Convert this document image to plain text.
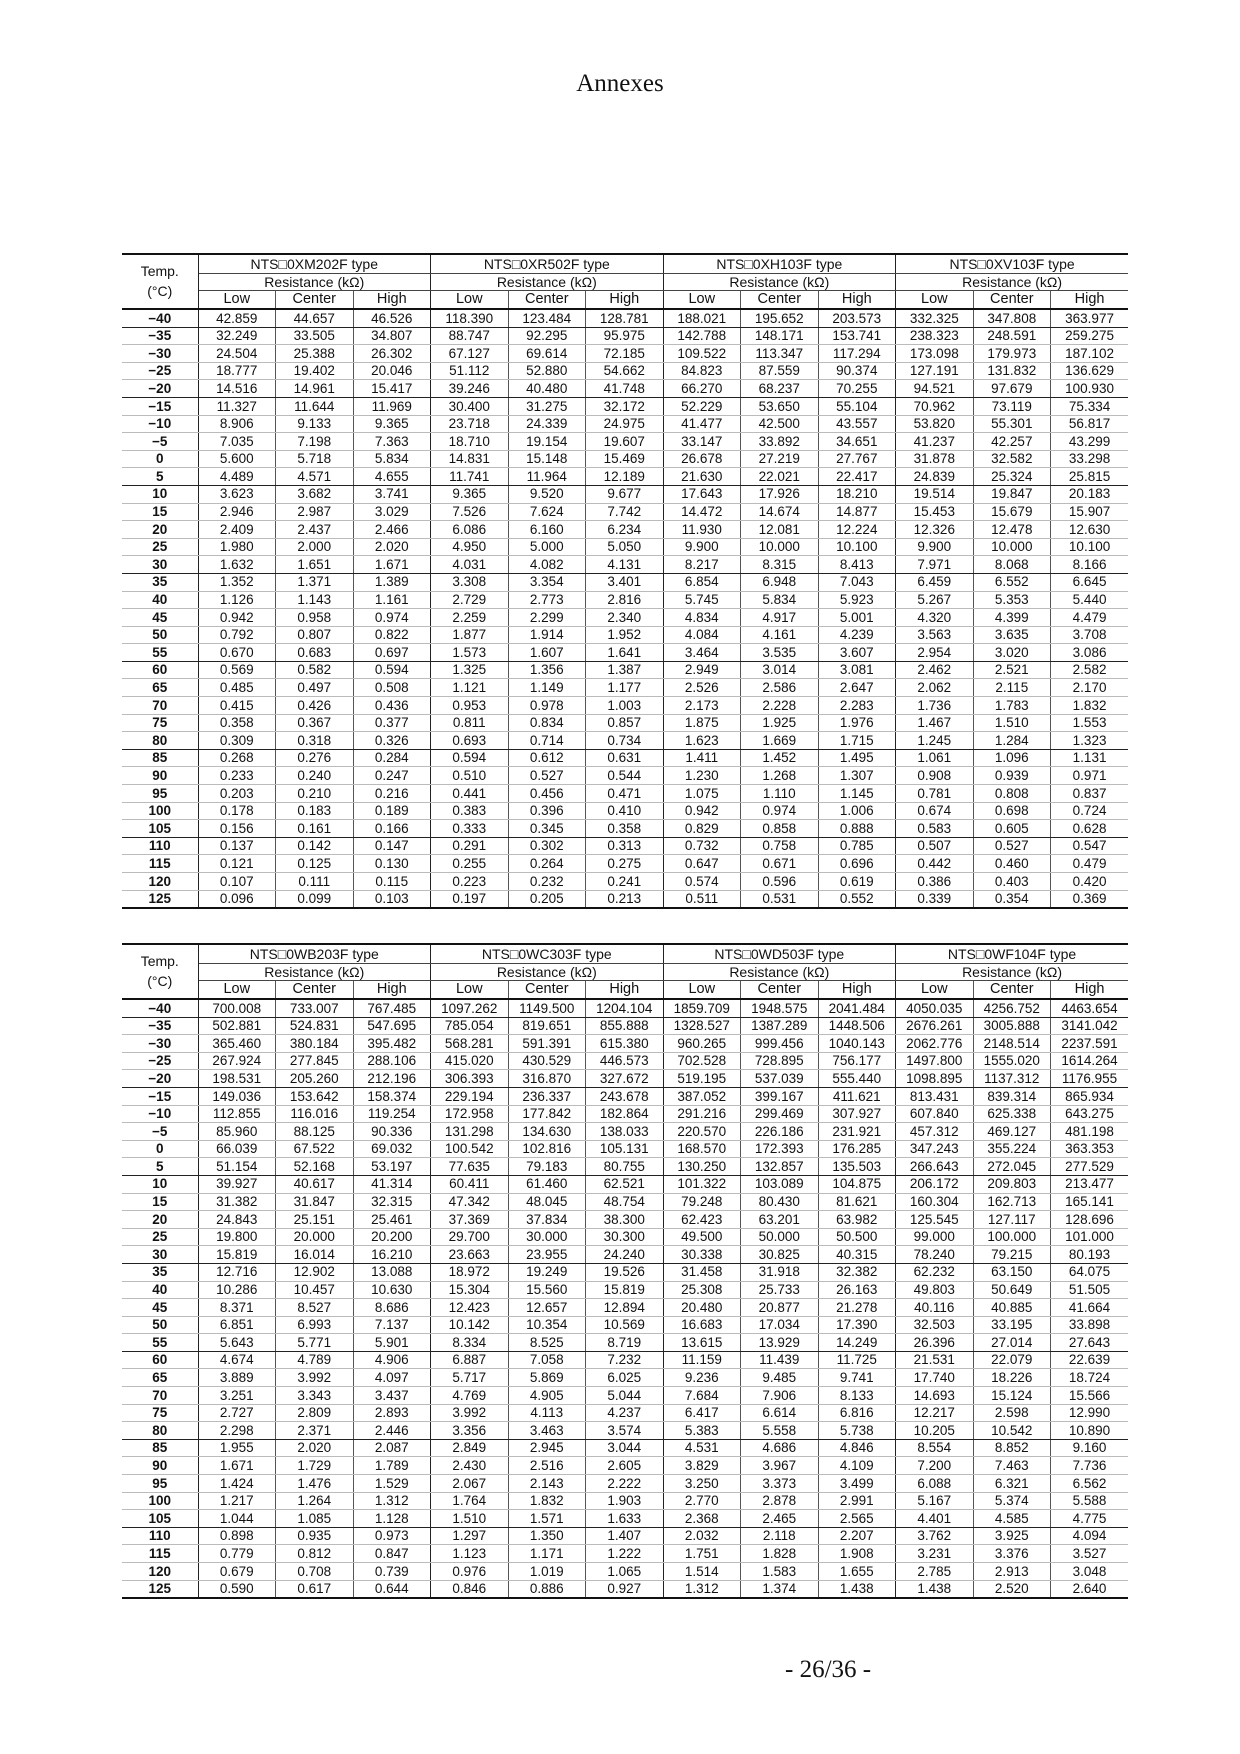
Annexes
Temp.
(°C)	NTS□0XM202F type			NTS□0XR502F type			NTS□0XH103F type			NTS□0XV103F type		
	Resistance (kΩ)			Resistance (kΩ)			Resistance (kΩ)			Resistance (kΩ)		
	Low	Center	High	Low	Center	High	Low	Center	High	Low	Center	High
−40	42.859	44.657	46.526	118.390	123.484	128.781	188.021	195.652	203.573	332.325	347.808	363.977
−35	32.249	33.505	34.807	88.747	92.295	95.975	142.788	148.171	153.741	238.323	248.591	259.275
−30	24.504	25.388	26.302	67.127	69.614	72.185	109.522	113.347	117.294	173.098	179.973	187.102
−25	18.777	19.402	20.046	51.112	52.880	54.662	84.823	87.559	90.374	127.191	131.832	136.629
−20	14.516	14.961	15.417	39.246	40.480	41.748	66.270	68.237	70.255	94.521	97.679	100.930
−15	11.327	11.644	11.969	30.400	31.275	32.172	52.229	53.650	55.104	70.962	73.119	75.334
−10	8.906	9.133	9.365	23.718	24.339	24.975	41.477	42.500	43.557	53.820	55.301	56.817
−5	7.035	7.198	7.363	18.710	19.154	19.607	33.147	33.892	34.651	41.237	42.257	43.299
0	5.600	5.718	5.834	14.831	15.148	15.469	26.678	27.219	27.767	31.878	32.582	33.298
5	4.489	4.571	4.655	11.741	11.964	12.189	21.630	22.021	22.417	24.839	25.324	25.815
10	3.623	3.682	3.741	9.365	9.520	9.677	17.643	17.926	18.210	19.514	19.847	20.183
15	2.946	2.987	3.029	7.526	7.624	7.742	14.472	14.674	14.877	15.453	15.679	15.907
20	2.409	2.437	2.466	6.086	6.160	6.234	11.930	12.081	12.224	12.326	12.478	12.630
25	1.980	2.000	2.020	4.950	5.000	5.050	9.900	10.000	10.100	9.900	10.000	10.100
30	1.632	1.651	1.671	4.031	4.082	4.131	8.217	8.315	8.413	7.971	8.068	8.166
35	1.352	1.371	1.389	3.308	3.354	3.401	6.854	6.948	7.043	6.459	6.552	6.645
40	1.126	1.143	1.161	2.729	2.773	2.816	5.745	5.834	5.923	5.267	5.353	5.440
45	0.942	0.958	0.974	2.259	2.299	2.340	4.834	4.917	5.001	4.320	4.399	4.479
50	0.792	0.807	0.822	1.877	1.914	1.952	4.084	4.161	4.239	3.563	3.635	3.708
55	0.670	0.683	0.697	1.573	1.607	1.641	3.464	3.535	3.607	2.954	3.020	3.086
60	0.569	0.582	0.594	1.325	1.356	1.387	2.949	3.014	3.081	2.462	2.521	2.582
65	0.485	0.497	0.508	1.121	1.149	1.177	2.526	2.586	2.647	2.062	2.115	2.170
70	0.415	0.426	0.436	0.953	0.978	1.003	2.173	2.228	2.283	1.736	1.783	1.832
75	0.358	0.367	0.377	0.811	0.834	0.857	1.875	1.925	1.976	1.467	1.510	1.553
80	0.309	0.318	0.326	0.693	0.714	0.734	1.623	1.669	1.715	1.245	1.284	1.323
85	0.268	0.276	0.284	0.594	0.612	0.631	1.411	1.452	1.495	1.061	1.096	1.131
90	0.233	0.240	0.247	0.510	0.527	0.544	1.230	1.268	1.307	0.908	0.939	0.971
95	0.203	0.210	0.216	0.441	0.456	0.471	1.075	1.110	1.145	0.781	0.808	0.837
100	0.178	0.183	0.189	0.383	0.396	0.410	0.942	0.974	1.006	0.674	0.698	0.724
105	0.156	0.161	0.166	0.333	0.345	0.358	0.829	0.858	0.888	0.583	0.605	0.628
110	0.137	0.142	0.147	0.291	0.302	0.313	0.732	0.758	0.785	0.507	0.527	0.547
115	0.121	0.125	0.130	0.255	0.264	0.275	0.647	0.671	0.696	0.442	0.460	0.479
120	0.107	0.111	0.115	0.223	0.232	0.241	0.574	0.596	0.619	0.386	0.403	0.420
125	0.096	0.099	0.103	0.197	0.205	0.213	0.511	0.531	0.552	0.339	0.354	0.369
Temp.
(°C)	NTS□0WB203F type			NTS□0WC303F type			NTS□0WD503F type			NTS□0WF104F type		
	Resistance (kΩ)			Resistance (kΩ)			Resistance (kΩ)			Resistance (kΩ)		
	Low	Center	High	Low	Center	High	Low	Center	High	Low	Center	High
−40	700.008	733.007	767.485	1097.262	1149.500	1204.104	1859.709	1948.575	2041.484	4050.035	4256.752	4463.654
−35	502.881	524.831	547.695	785.054	819.651	855.888	1328.527	1387.289	1448.506	2676.261	3005.888	3141.042
−30	365.460	380.184	395.482	568.281	591.391	615.380	960.265	999.456	1040.143	2062.776	2148.514	2237.591
−25	267.924	277.845	288.106	415.020	430.529	446.573	702.528	728.895	756.177	1497.800	1555.020	1614.264
−20	198.531	205.260	212.196	306.393	316.870	327.672	519.195	537.039	555.440	1098.895	1137.312	1176.955
−15	149.036	153.642	158.374	229.194	236.337	243.678	387.052	399.167	411.621	813.431	839.314	865.934
−10	112.855	116.016	119.254	172.958	177.842	182.864	291.216	299.469	307.927	607.840	625.338	643.275
−5	85.960	88.125	90.336	131.298	134.630	138.033	220.570	226.186	231.921	457.312	469.127	481.198
0	66.039	67.522	69.032	100.542	102.816	105.131	168.570	172.393	176.285	347.243	355.224	363.353
5	51.154	52.168	53.197	77.635	79.183	80.755	130.250	132.857	135.503	266.643	272.045	277.529
10	39.927	40.617	41.314	60.411	61.460	62.521	101.322	103.089	104.875	206.172	209.803	213.477
15	31.382	31.847	32.315	47.342	48.045	48.754	79.248	80.430	81.621	160.304	162.713	165.141
20	24.843	25.151	25.461	37.369	37.834	38.300	62.423	63.201	63.982	125.545	127.117	128.696
25	19.800	20.000	20.200	29.700	30.000	30.300	49.500	50.000	50.500	99.000	100.000	101.000
30	15.819	16.014	16.210	23.663	23.955	24.240	30.338	30.825	40.315	78.240	79.215	80.193
35	12.716	12.902	13.088	18.972	19.249	19.526	31.458	31.918	32.382	62.232	63.150	64.075
40	10.286	10.457	10.630	15.304	15.560	15.819	25.308	25.733	26.163	49.803	50.649	51.505
45	8.371	8.527	8.686	12.423	12.657	12.894	20.480	20.877	21.278	40.116	40.885	41.664
50	6.851	6.993	7.137	10.142	10.354	10.569	16.683	17.034	17.390	32.503	33.195	33.898
55	5.643	5.771	5.901	8.334	8.525	8.719	13.615	13.929	14.249	26.396	27.014	27.643
60	4.674	4.789	4.906	6.887	7.058	7.232	11.159	11.439	11.725	21.531	22.079	22.639
65	3.889	3.992	4.097	5.717	5.869	6.025	9.236	9.485	9.741	17.740	18.226	18.724
70	3.251	3.343	3.437	4.769	4.905	5.044	7.684	7.906	8.133	14.693	15.124	15.566
75	2.727	2.809	2.893	3.992	4.113	4.237	6.417	6.614	6.816	12.217	2.598	12.990
80	2.298	2.371	2.446	3.356	3.463	3.574	5.383	5.558	5.738	10.205	10.542	10.890
85	1.955	2.020	2.087	2.849	2.945	3.044	4.531	4.686	4.846	8.554	8.852	9.160
90	1.671	1.729	1.789	2.430	2.516	2.605	3.829	3.967	4.109	7.200	7.463	7.736
95	1.424	1.476	1.529	2.067	2.143	2.222	3.250	3.373	3.499	6.088	6.321	6.562
100	1.217	1.264	1.312	1.764	1.832	1.903	2.770	2.878	2.991	5.167	5.374	5.588
105	1.044	1.085	1.128	1.510	1.571	1.633	2.368	2.465	2.565	4.401	4.585	4.775
110	0.898	0.935	0.973	1.297	1.350	1.407	2.032	2.118	2.207	3.762	3.925	4.094
115	0.779	0.812	0.847	1.123	1.171	1.222	1.751	1.828	1.908	3.231	3.376	3.527
120	0.679	0.708	0.739	0.976	1.019	1.065	1.514	1.583	1.655	2.785	2.913	3.048
125	0.590	0.617	0.644	0.846	0.886	0.927	1.312	1.374	1.438	1.438	2.520	2.640
- 26/36 -
